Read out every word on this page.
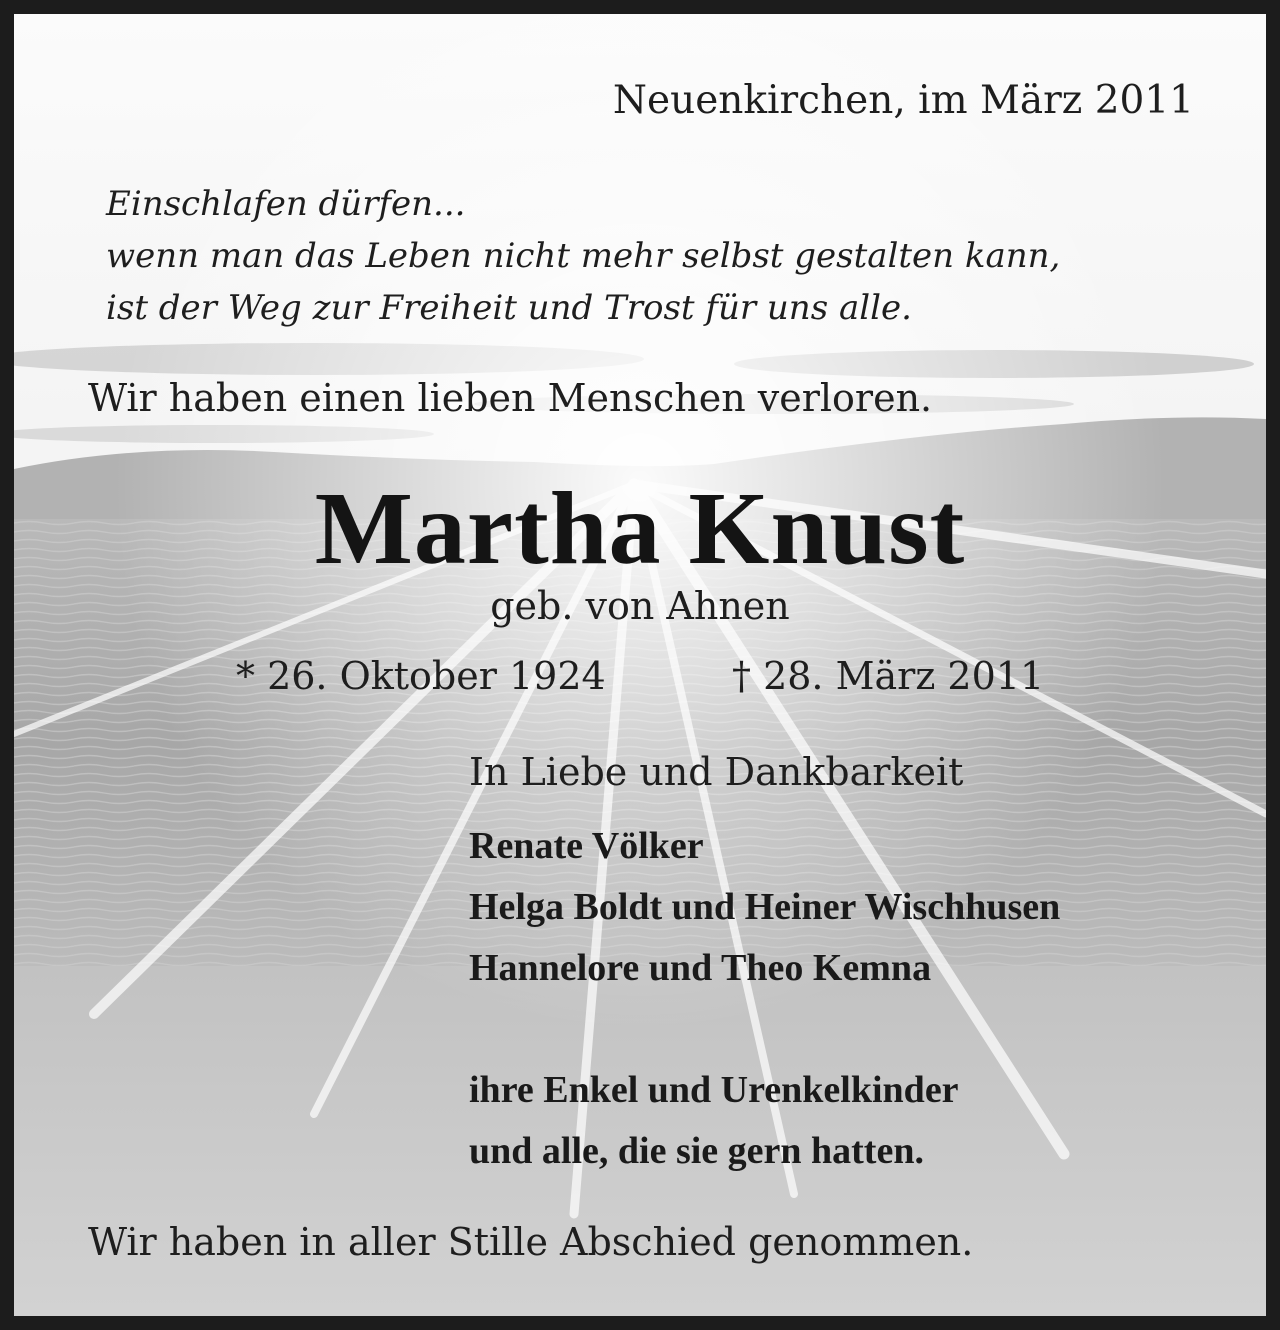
Neuenkirchen, im März 2011
Einschlafen dürfen...
wenn man das Leben nicht mehr selbst gestalten kann,
ist der Weg zur Freiheit und Trost für uns alle.
Wir haben einen lieben Menschen verloren.
Martha Knust
geb. von Ahnen
* 26. Oktober 1924	† 28. März 2011
In Liebe und Dankbarkeit
Renate Völker
Helga Boldt und Heiner Wischhusen
Hannelore und Theo Kemna
ihre Enkel und Urenkelkinder
und alle, die sie gern hatten.
Wir haben in aller Stille Abschied genommen.
